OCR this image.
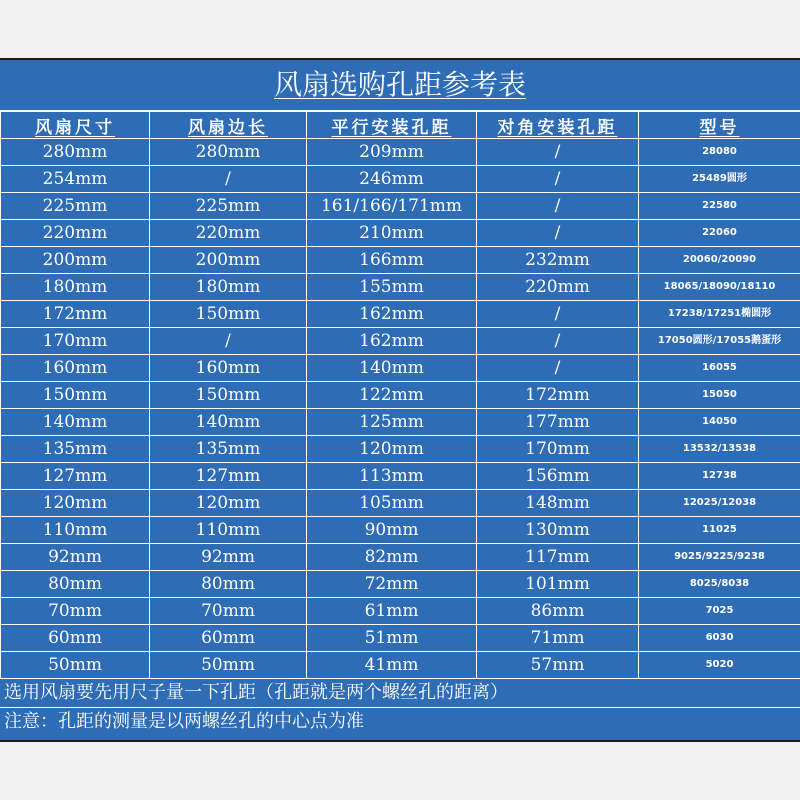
风扇选购孔距参考表
风扇尺寸	风扇边长	平行安装孔距	对角安装孔距	型号
280mm	280mm	209mm	/	28080
254mm	/	246mm	/	25489圆形
225mm	225mm	161/166/171mm	/	22580
220mm	220mm	210mm	/	22060
200mm	200mm	166mm	232mm	20060/20090
180mm	180mm	155mm	220mm	18065/18090/18110
172mm	150mm	162mm	/	17238/17251椭圆形
170mm	/	162mm	/	17050圆形/17055鹅蛋形
160mm	160mm	140mm	/	16055
150mm	150mm	122mm	172mm	15050
140mm	140mm	125mm	177mm	14050
135mm	135mm	120mm	170mm	13532/13538
127mm	127mm	113mm	156mm	12738
120mm	120mm	105mm	148mm	12025/12038
110mm	110mm	90mm	130mm	11025
92mm	92mm	82mm	117mm	9025/9225/9238
80mm	80mm	72mm	101mm	8025/8038
70mm	70mm	61mm	86mm	7025
60mm	60mm	51mm	71mm	6030
50mm	50mm	41mm	57mm	5020
选用风扇要先用尺子量一下孔距（孔距就是两个螺丝孔的距离）
注意：孔距的测量是以两螺丝孔的中心点为准
